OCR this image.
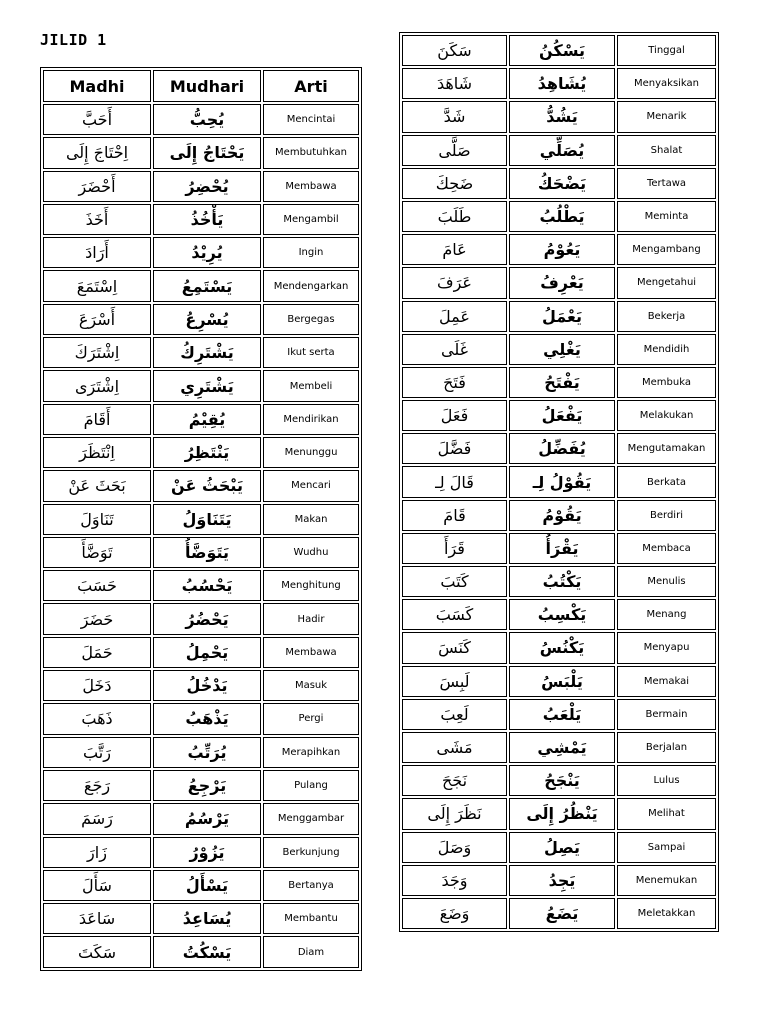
JILID 1
Madhi	Mudhari	Arti
أَحَبَّ	يُحِبُّ	Mencintai
اِحْتَاجَ إِلَى	يَحْتَاجُ إِلَى	Membutuhkan
أَحْضَرَ	يُحْضِرُ	Membawa
أَخَذَ	يَأْخُذُ	Mengambil
أَرَادَ	يُرِيْدُ	Ingin
اِسْتَمَعَ	يَسْتَمِعُ	Mendengarkan
أَسْرَعَ	يُسْرِعُ	Bergegas
اِشْتَرَكَ	يَشْتَرِكُ	Ikut serta
اِشْتَرَى	يَشْتَرِي	Membeli
أَقَامَ	يُقِيْمُ	Mendirikan
اِنْتَظَرَ	يَنْتَظِرُ	Menunggu
بَحَثَ عَنْ	يَبْحَثُ عَنْ	Mencari
تَنَاوَلَ	يَتَنَاوَلُ	Makan
تَوَضَّأَ	يَتَوَضَّأُ	Wudhu
حَسَبَ	يَحْسُبُ	Menghitung
حَضَرَ	يَحْضُرُ	Hadir
حَمَلَ	يَحْمِلُ	Membawa
دَخَلَ	يَدْخُلُ	Masuk
ذَهَبَ	يَذْهَبُ	Pergi
رَتَّبَ	يُرَتِّبُ	Merapihkan
رَجَعَ	يَرْجِعُ	Pulang
رَسَمَ	يَرْسُمُ	Menggambar
زَارَ	يَزُوْرُ	Berkunjung
سَأَلَ	يَسْأَلُ	Bertanya
سَاعَدَ	يُسَاعِدُ	Membantu
سَكَتَ	يَسْكُتُ	Diam
سَكَنَ	يَسْكُنُ	Tinggal
شَاهَدَ	يُشَاهِدُ	Menyaksikan
شَدَّ	يَشُدُّ	Menarik
صَلَّى	يُصَلِّي	Shalat
ضَحِكَ	يَضْحَكُ	Tertawa
طَلَبَ	يَطْلُبُ	Meminta
عَامَ	يَعُوْمُ	Mengambang
عَرَفَ	يَعْرِفُ	Mengetahui
عَمِلَ	يَعْمَلُ	Bekerja
غَلَى	يَغْلِي	Mendidih
فَتَحَ	يَفْتَحُ	Membuka
فَعَلَ	يَفْعَلُ	Melakukan
فَضَّلَ	يُفَضِّلُ	Mengutamakan
قَالَ لِـ	يَقُوْلُ لِـ	Berkata
قَامَ	يَقُوْمُ	Berdiri
قَرَأَ	يَقْرَأُ	Membaca
كَتَبَ	يَكْتُبُ	Menulis
كَسَبَ	يَكْسِبُ	Menang
كَنَسَ	يَكْنُسُ	Menyapu
لَبِسَ	يَلْبَسُ	Memakai
لَعِبَ	يَلْعَبُ	Bermain
مَشَى	يَمْشِي	Berjalan
نَجَحَ	يَنْجَحُ	Lulus
نَظَرَ إِلَى	يَنْظُرُ إِلَى	Melihat
وَصَلَ	يَصِلُ	Sampai
وَجَدَ	يَجِدُ	Menemukan
وَضَعَ	يَضَعُ	Meletakkan
